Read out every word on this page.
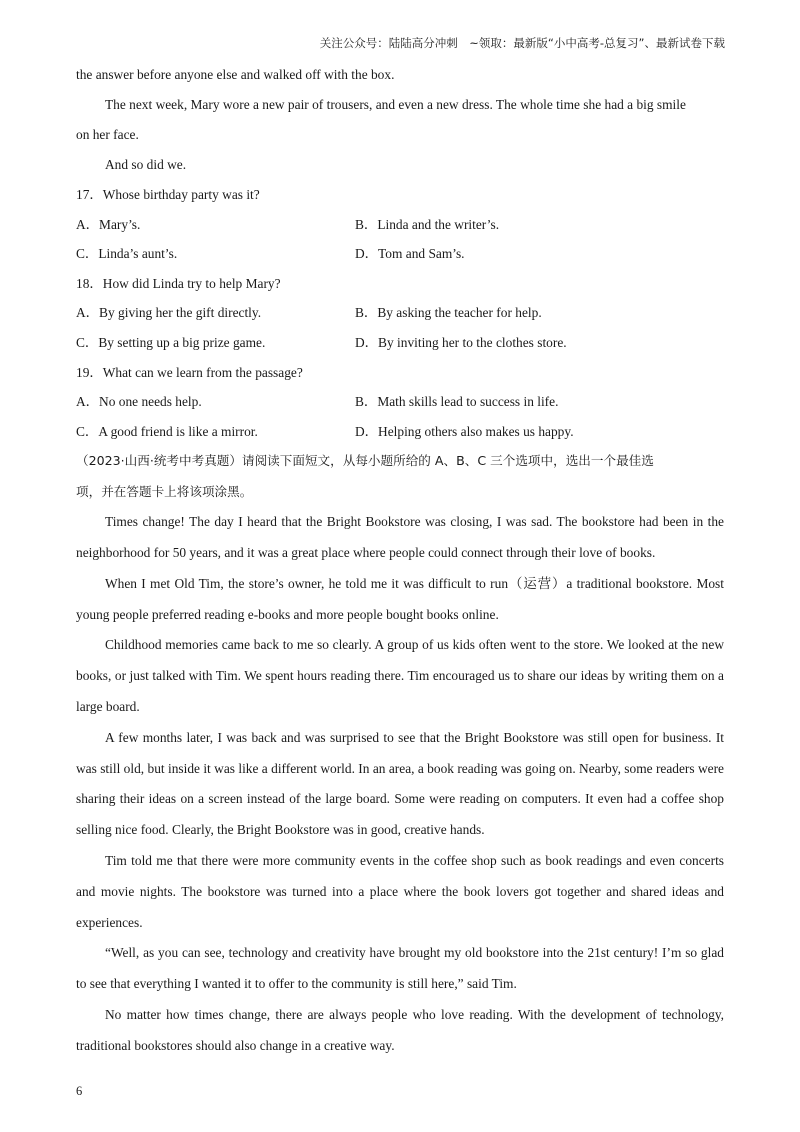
关注公众号：陆陆高分冲刺　~领取：最新版“小中高考-总复习”、最新试卷下载

the answer before anyone else and walked off with the box.

The next week, Mary wore a new pair of trousers, and even a new dress. The whole time she had a big smile

on her face.

And so did we.

17．Whose birthday party was it?

A．Mary’s.	B．Linda and the writer’s.
C．Linda’s aunt’s.	D．Tom and Sam’s.

18．How did Linda try to help Mary?

A．By giving her the gift directly.	B．By asking the teacher for help.
C．By setting up a big prize game.	D．By inviting her to the clothes store.

19．What can we learn from the passage?

A．No one needs help.	B．Math skills lead to success in life.
C．A good friend is like a mirror.	D．Helping others also makes us happy.

（2023·山西·统考中考真题）请阅读下面短文，从每小题所给的 A、B、C 三个选项中，选出一个最佳选

项，并在答题卡上将该项涂黑。

Times change! The day I heard that the Bright Bookstore was closing, I was sad. The bookstore had been in the neighborhood for 50 years, and it was a great place where people could connect through their love of books.

When I met Old Tim, the store’s owner, he told me it was difficult to run（运营）a traditional bookstore. Most young people preferred reading e-books and more people bought books online.

Childhood memories came back to me so clearly. A group of us kids often went to the store. We looked at the new books, or just talked with Tim. We spent hours reading there. Tim encouraged us to share our ideas by writing them on a large board.

A few months later, I was back and was surprised to see that the Bright Bookstore was still open for business. It was still old, but inside it was like a different world. In an area, a book reading was going on. Nearby, some readers were sharing their ideas on a screen instead of the large board. Some were reading on computers. It even had a coffee shop selling nice food. Clearly, the Bright Bookstore was in good, creative hands.

Tim told me that there were more community events in the coffee shop such as book readings and even concerts and movie nights. The bookstore was turned into a place where the book lovers got together and shared ideas and experiences.

“Well, as you can see, technology and creativity have brought my old bookstore into the 21st century! I’m so glad to see that everything I wanted it to offer to the community is still here,” said Tim.

No matter how times change, there are always people who love reading. With the development of technology, traditional bookstores should also change in a creative way.

6
